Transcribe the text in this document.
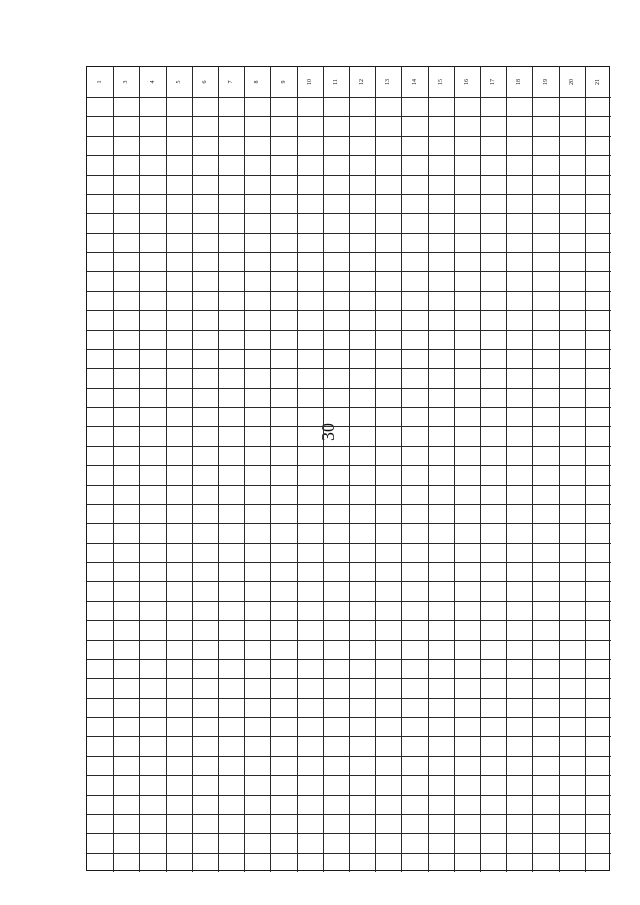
30
1	3	4	5	6	7	8	9	10	11	12	13	14	15	16	17	18	19	20	21
